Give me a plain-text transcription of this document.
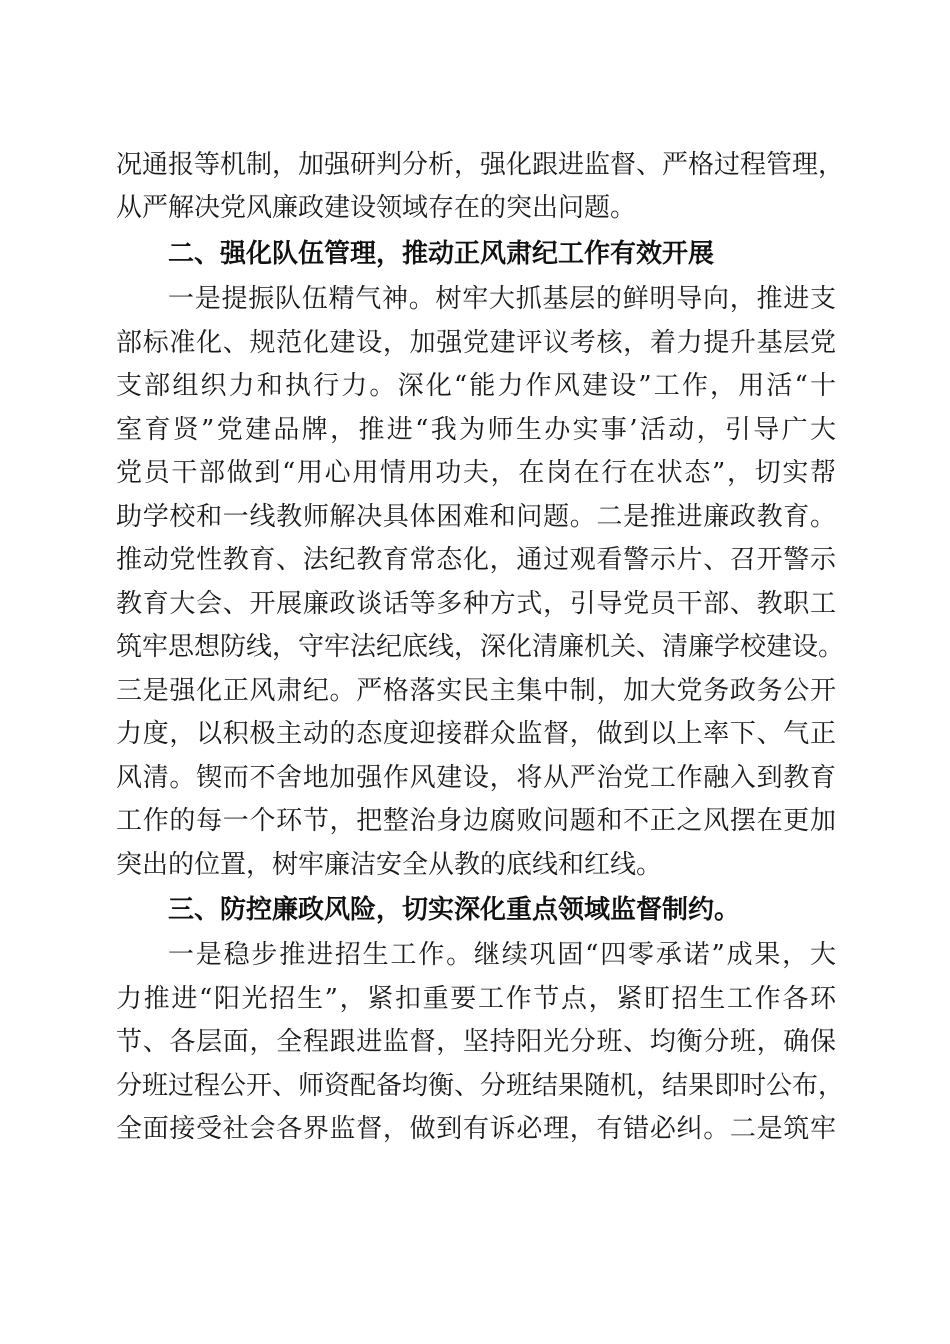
况通报等机制，加强研判分析，强化跟进监督、严格过程管理，
从严解决党风廉政建设领域存在的突出问题。
二、强化队伍管理，推动正风肃纪工作有效开展
一是提振队伍精气神。树牢大抓基层的鲜明导向，推进支
部标准化、规范化建设，加强党建评议考核，着力提升基层党
支部组织力和执行力。深化“能力作风建设”工作，用活“十
室育贤”党建品牌，推进“我为师生办实事’活动，引导广大
党员干部做到“用心用情用功夫，在岗在行在状态”，切实帮
助学校和一线教师解决具体困难和问题。二是推进廉政教育。
推动党性教育、法纪教育常态化，通过观看警示片、召开警示
教育大会、开展廉政谈话等多种方式，引导党员干部、教职工
筑牢思想防线，守牢法纪底线，深化清廉机关、清廉学校建设。
三是强化正风肃纪。严格落实民主集中制，加大党务政务公开
力度，以积极主动的态度迎接群众监督，做到以上率下、气正
风清。锲而不舍地加强作风建设，将从严治党工作融入到教育
工作的每一个环节，把整治身边腐败问题和不正之风摆在更加
突出的位置，树牢廉洁安全从教的底线和红线。
三、防控廉政风险，切实深化重点领域监督制约。
一是稳步推进招生工作。继续巩固“四零承诺”成果，大
力推进“阳光招生”，紧扣重要工作节点，紧盯招生工作各环
节、各层面，全程跟进监督，坚持阳光分班、均衡分班，确保
分班过程公开、师资配备均衡、分班结果随机，结果即时公布，
全面接受社会各界监督，做到有诉必理，有错必纠。二是筑牢
